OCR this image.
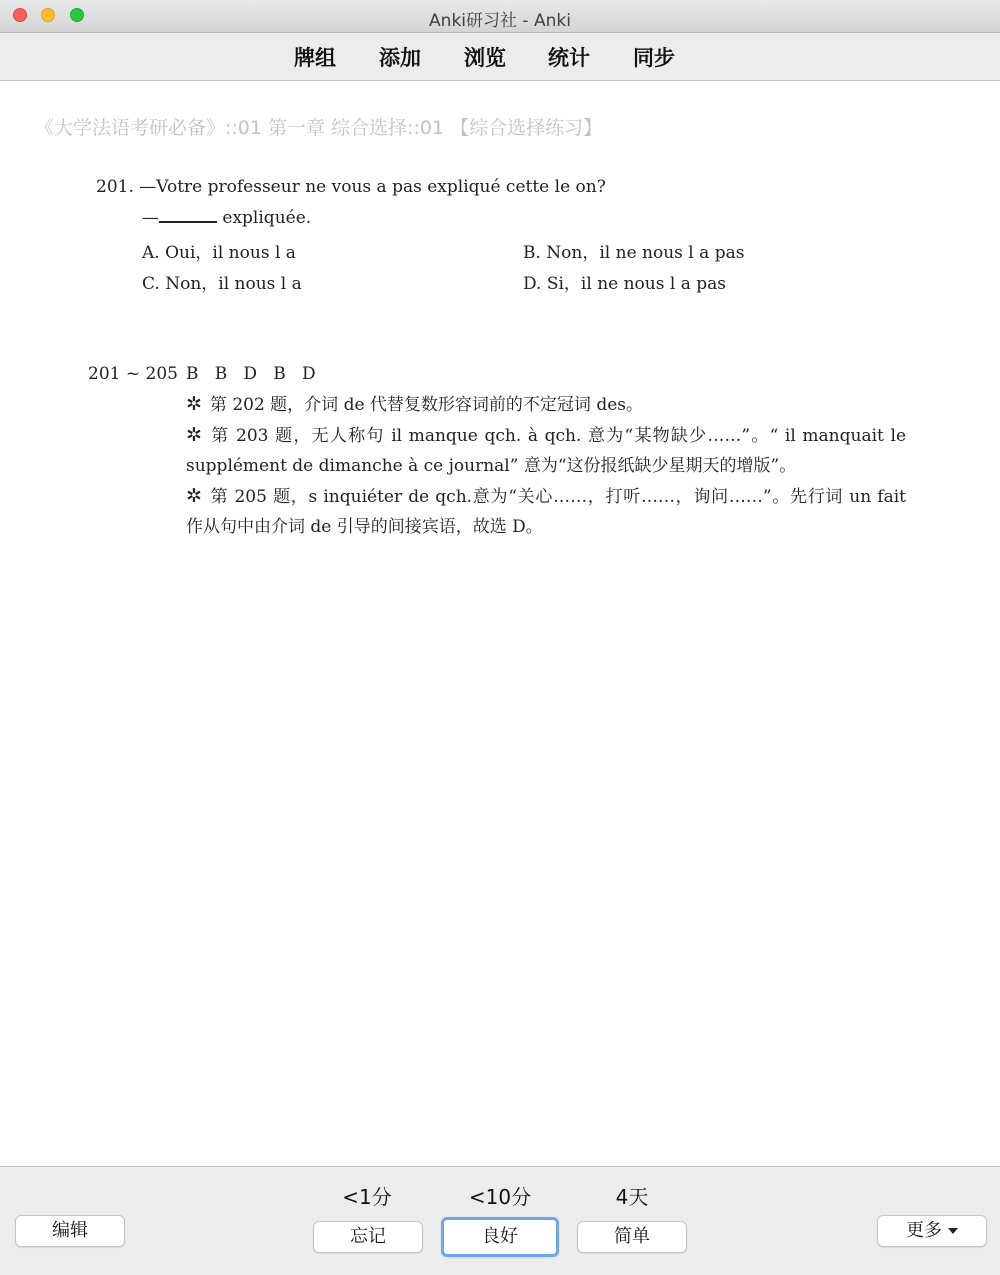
Anki研习社 - Anki
牌组 添加 浏览 统计 同步
《大学法语考研必备》::01 第一章 综合选择::01 【综合选择练习】
201. —Votre professeur ne vous a pas expliqué cette le on?
—	expliquée.
A. Oui，il nous l a	B. Non，il ne nous l a pas
C. Non，il nous l a	D. Si，il ne nous l a pas
201 ~ 205 B   B   D   B   D
✲ 第 202 题，介词 de 代替复数形容词前的不定冠词 des。
✲ 第 203 题，无人称句 il manque qch. à qch. 意为“某物缺少……”。“ il manquait le supplément de dimanche à ce journal” 意为“这份报纸缺少星期天的增版”。
✲ 第 205 题，s inquiéter de qch.意为“关心……，打听……，询问……”。先行词 un fait 作从句中由介词 de 引导的间接宾语，故选 D。
编辑
<1分
忘记
<10分
良好
4天
简单	更多
